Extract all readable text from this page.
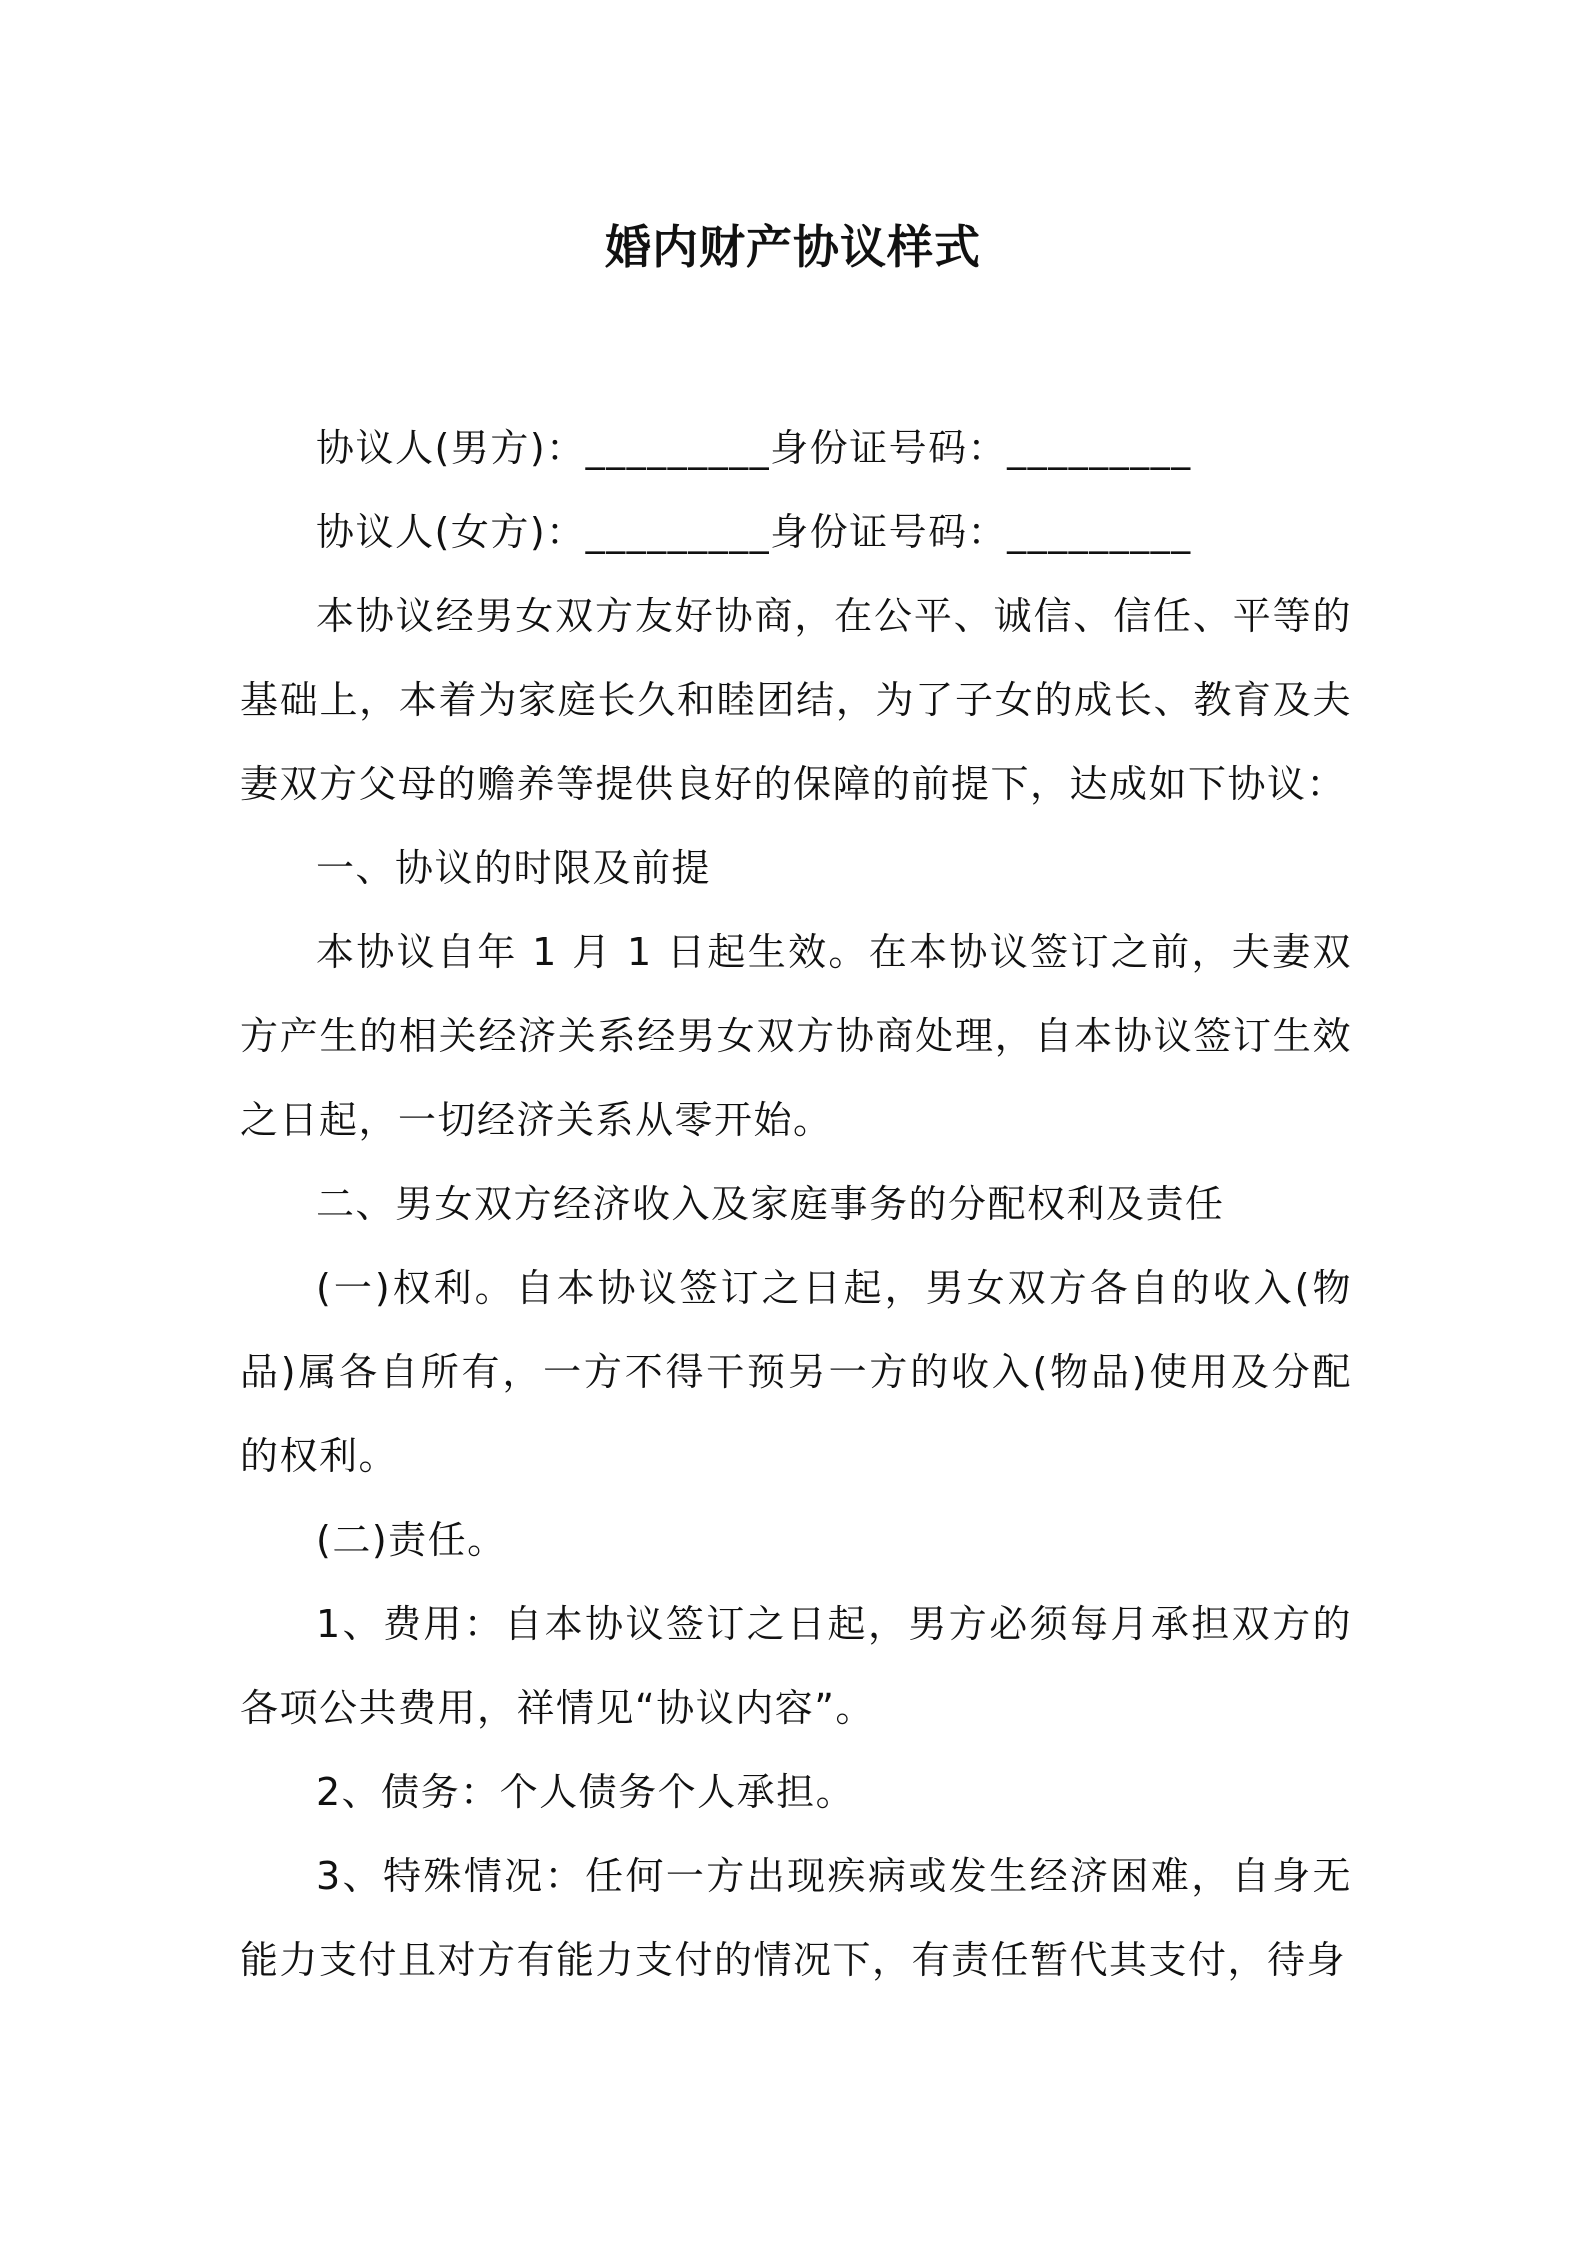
婚内财产协议样式

协议人(男方)：_________身份证号码：_________

协议人(女方)：_________身份证号码：_________

本协议经男女双方友好协商，在公平、诚信、信任、平等的基础上，本着为家庭长久和睦团结，为了子女的成长、教育及夫妻双方父母的赡养等提供良好的保障的前提下，达成如下协议：

一、协议的时限及前提

本协议自年 1 月 1 日起生效。在本协议签订之前，夫妻双方产生的相关经济关系经男女双方协商处理，自本协议签订生效之日起，一切经济关系从零开始。

二、男女双方经济收入及家庭事务的分配权利及责任

(一)权利。自本协议签订之日起，男女双方各自的收入(物品)属各自所有，一方不得干预另一方的收入(物品)使用及分配的权利。

(二)责任。

1、费用：自本协议签订之日起，男方必须每月承担双方的各项公共费用，祥情见“协议内容”。

2、债务：个人债务个人承担。

3、特殊情况：任何一方出现疾病或发生经济困难，自身无能力支付且对方有能力支付的情况下，有责任暂代其支付，待身
